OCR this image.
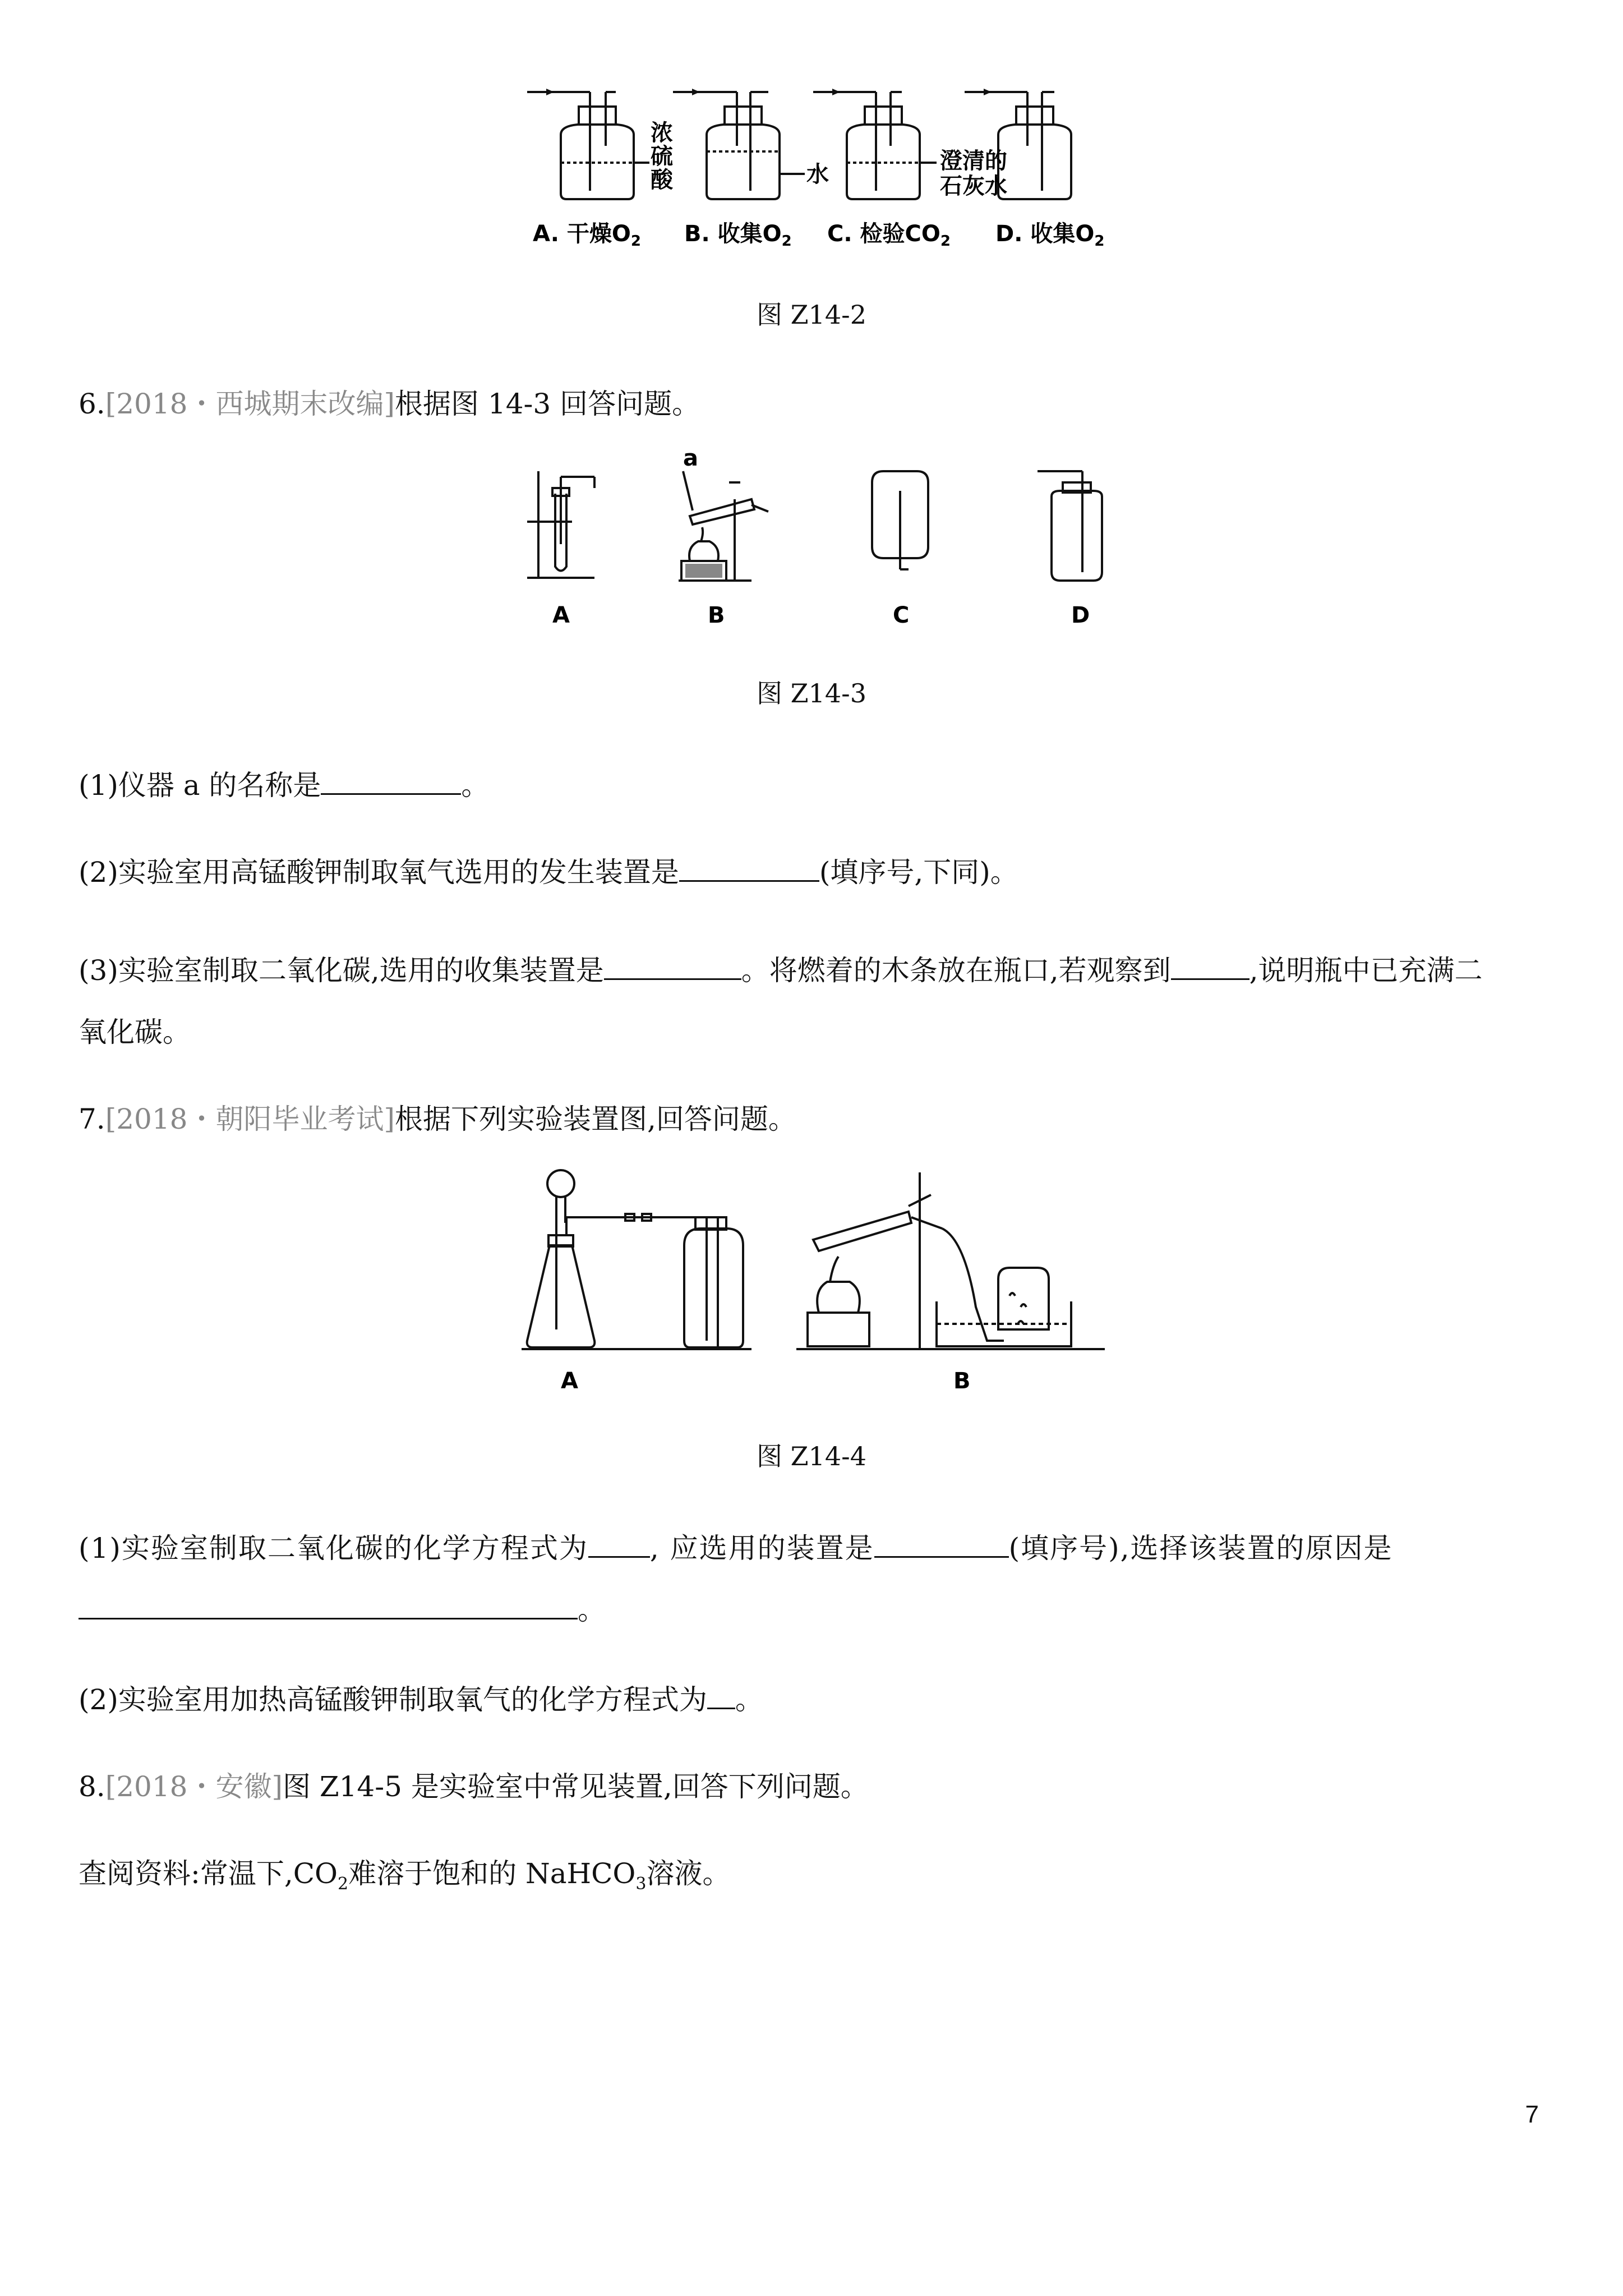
浓
硫
酸	水
澄清的
石灰水
A. 干燥$O_2$ B. 收集$O_2$ C. 检验$CO_2$ D. 收集$O_2$
图 Z14-2
6.[2018・西城期末改编]根据图 14-3 回答问题。
a
A	B	C	D
图 Z14-3
(1)仪器 a 的名称是	。
(2)实验室用高锰酸钾制取氧气选用的发生装置是	(填序号,下同)。
(3)实验室制取二氧化碳,选用的收集装置是	。将燃着的木条放在瓶口,若观察到	,说明瓶中已充满二
氧化碳。
7.[2018・朝阳毕业考试]根据下列实验装置图,回答问题。
A	B
图 Z14-4
(1)实验室制取二氧化碳的化学方程式为 , 应选用的装置是	(填序号),选择该装置的原因是
。
(2)实验室用加热高锰酸钾制取氧气的化学方程式为 。
8.[2018・安徽]图 Z14-5 是实验室中常见装置,回答下列问题。
查阅资料:常温下$,CO_2$难溶于饱和的 NaHCO$_3$溶液。
7
